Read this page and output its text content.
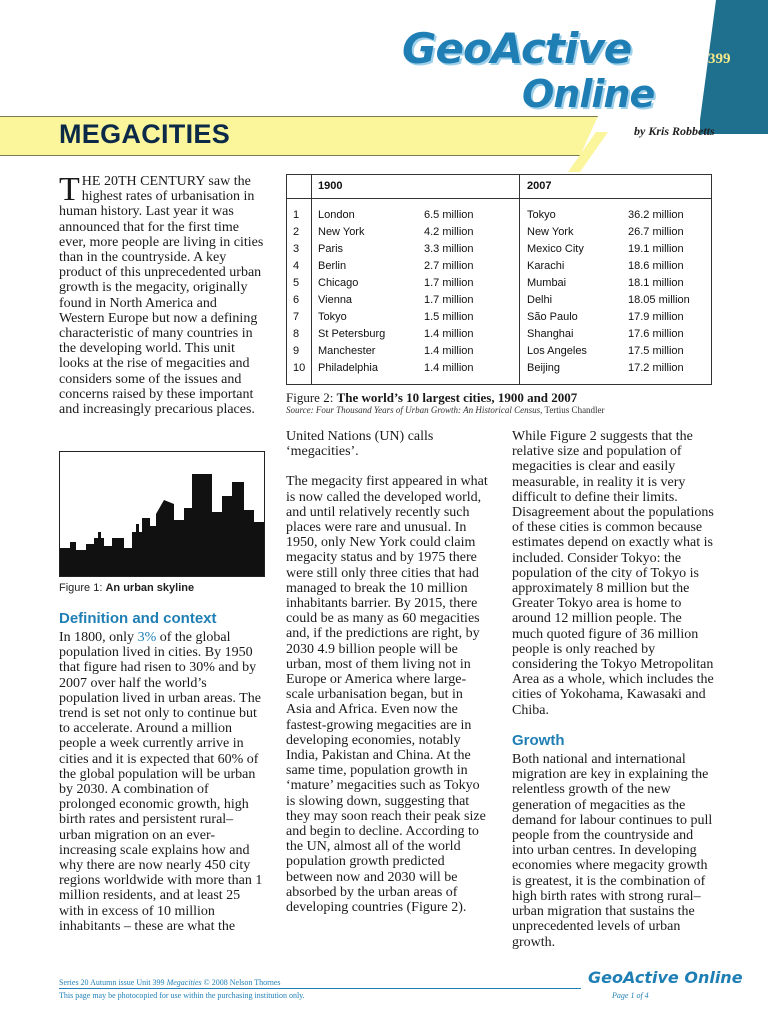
GeoActive
Online
399
MEGACITIES	by Kris Robbetts
THE 20TH CENTURY saw the highest rates of urbanisation in human history. Last year it was announced that for the first time ever, more people are living in cities than in the countryside. A key product of this unprecedented urban growth is the megacity, originally found in North America and Western Europe but now a defining characteristic of many countries in the developing world. This unit looks at the rise of megacities and considers some of the issues and concerns raised by these important and increasingly precarious places.
Figure 1: An urban skyline
Definition and context
In 1800, only 3% of the global population lived in cities. By 1950 that figure had risen to 30% and by 2007 over half the world’s population lived in urban areas. The trend is set not only to continue but to accelerate. Around a million people a week currently arrive in cities and it is expected that 60% of the global population will be urban by 2030. A combination of prolonged economic growth, high birth rates and persistent rural–urban migration on an ever-increasing scale explains how and why there are now nearly 450 city regions worldwide with more than 1 million residents, and at least 25 with in excess of 10 million inhabitants – these are what the
1900	2007
1 London	6.5 million	Tokyo	36.2 million
2 New York	4.2 million	New York	26.7 million
3 Paris	3.3 million	Mexico City	19.1 million
4 Berlin	2.7 million	Karachi	18.6 million
5 Chicago	1.7 million	Mumbai	18.1 million
6 Vienna	1.7 million	Delhi	18.05 million
7 Tokyo	1.5 million	São Paulo	17.9 million
8 St Petersburg	1.4 million	Shanghai	17.6 million
9 Manchester	1.4 million	Los Angeles	17.5 million
10 Philadelphia	1.4 million	Beijing	17.2 million
Figure 2: The world’s 10 largest cities, 1900 and 2007
Source: Four Thousand Years of Urban Growth: An Historical Census, Tertius Chandler

United Nations (UN) calls ‘megacities’.

The megacity first appeared in what is now called the developed world, and until relatively recently such places were rare and unusual. In 1950, only New York could claim megacity status and by 1975 there were still only three cities that had managed to break the 10 million inhabitants barrier. By 2015, there could be as many as 60 megacities and, if the predictions are right, by 2030 4.9 billion people will be urban, most of them living not in Europe or America where large-scale urbanisation began, but in Asia and Africa. Even now the fastest-growing megacities are in developing economies, notably India, Pakistan and China. At the same time, population growth in ‘mature’ megacities such as Tokyo is slowing down, suggesting that they may soon reach their peak size and begin to decline. According to the UN, almost all of the world population growth predicted between now and 2030 will be absorbed by the urban areas of developing countries (Figure 2).

While Figure 2 suggests that the relative size and population of megacities is clear and easily measurable, in reality it is very difficult to define their limits. Disagreement about the populations of these cities is common because estimates depend on exactly what is included. Consider Tokyo: the population of the city of Tokyo is approximately 8 million but the Greater Tokyo area is home to around 12 million people. The much quoted figure of 36 million people is only reached by considering the Tokyo Metropolitan Area as a whole, which includes the cities of Yokohama, Kawasaki and Chiba.

Growth

Both national and international migration are key in explaining the relentless growth of the new generation of megacities as the demand for labour continues to pull people from the countryside and into urban centres. In developing economies where megacity growth is greatest, it is the combination of high birth rates with strong rural–urban migration that sustains the unprecedented levels of urban growth.

Series 20 Autumn issue Unit 399 Megacities © 2008 Nelson Thornes
This page may be photocopied for use within the purchasing institution only.
GeoActive Online
Page 1 of 4
